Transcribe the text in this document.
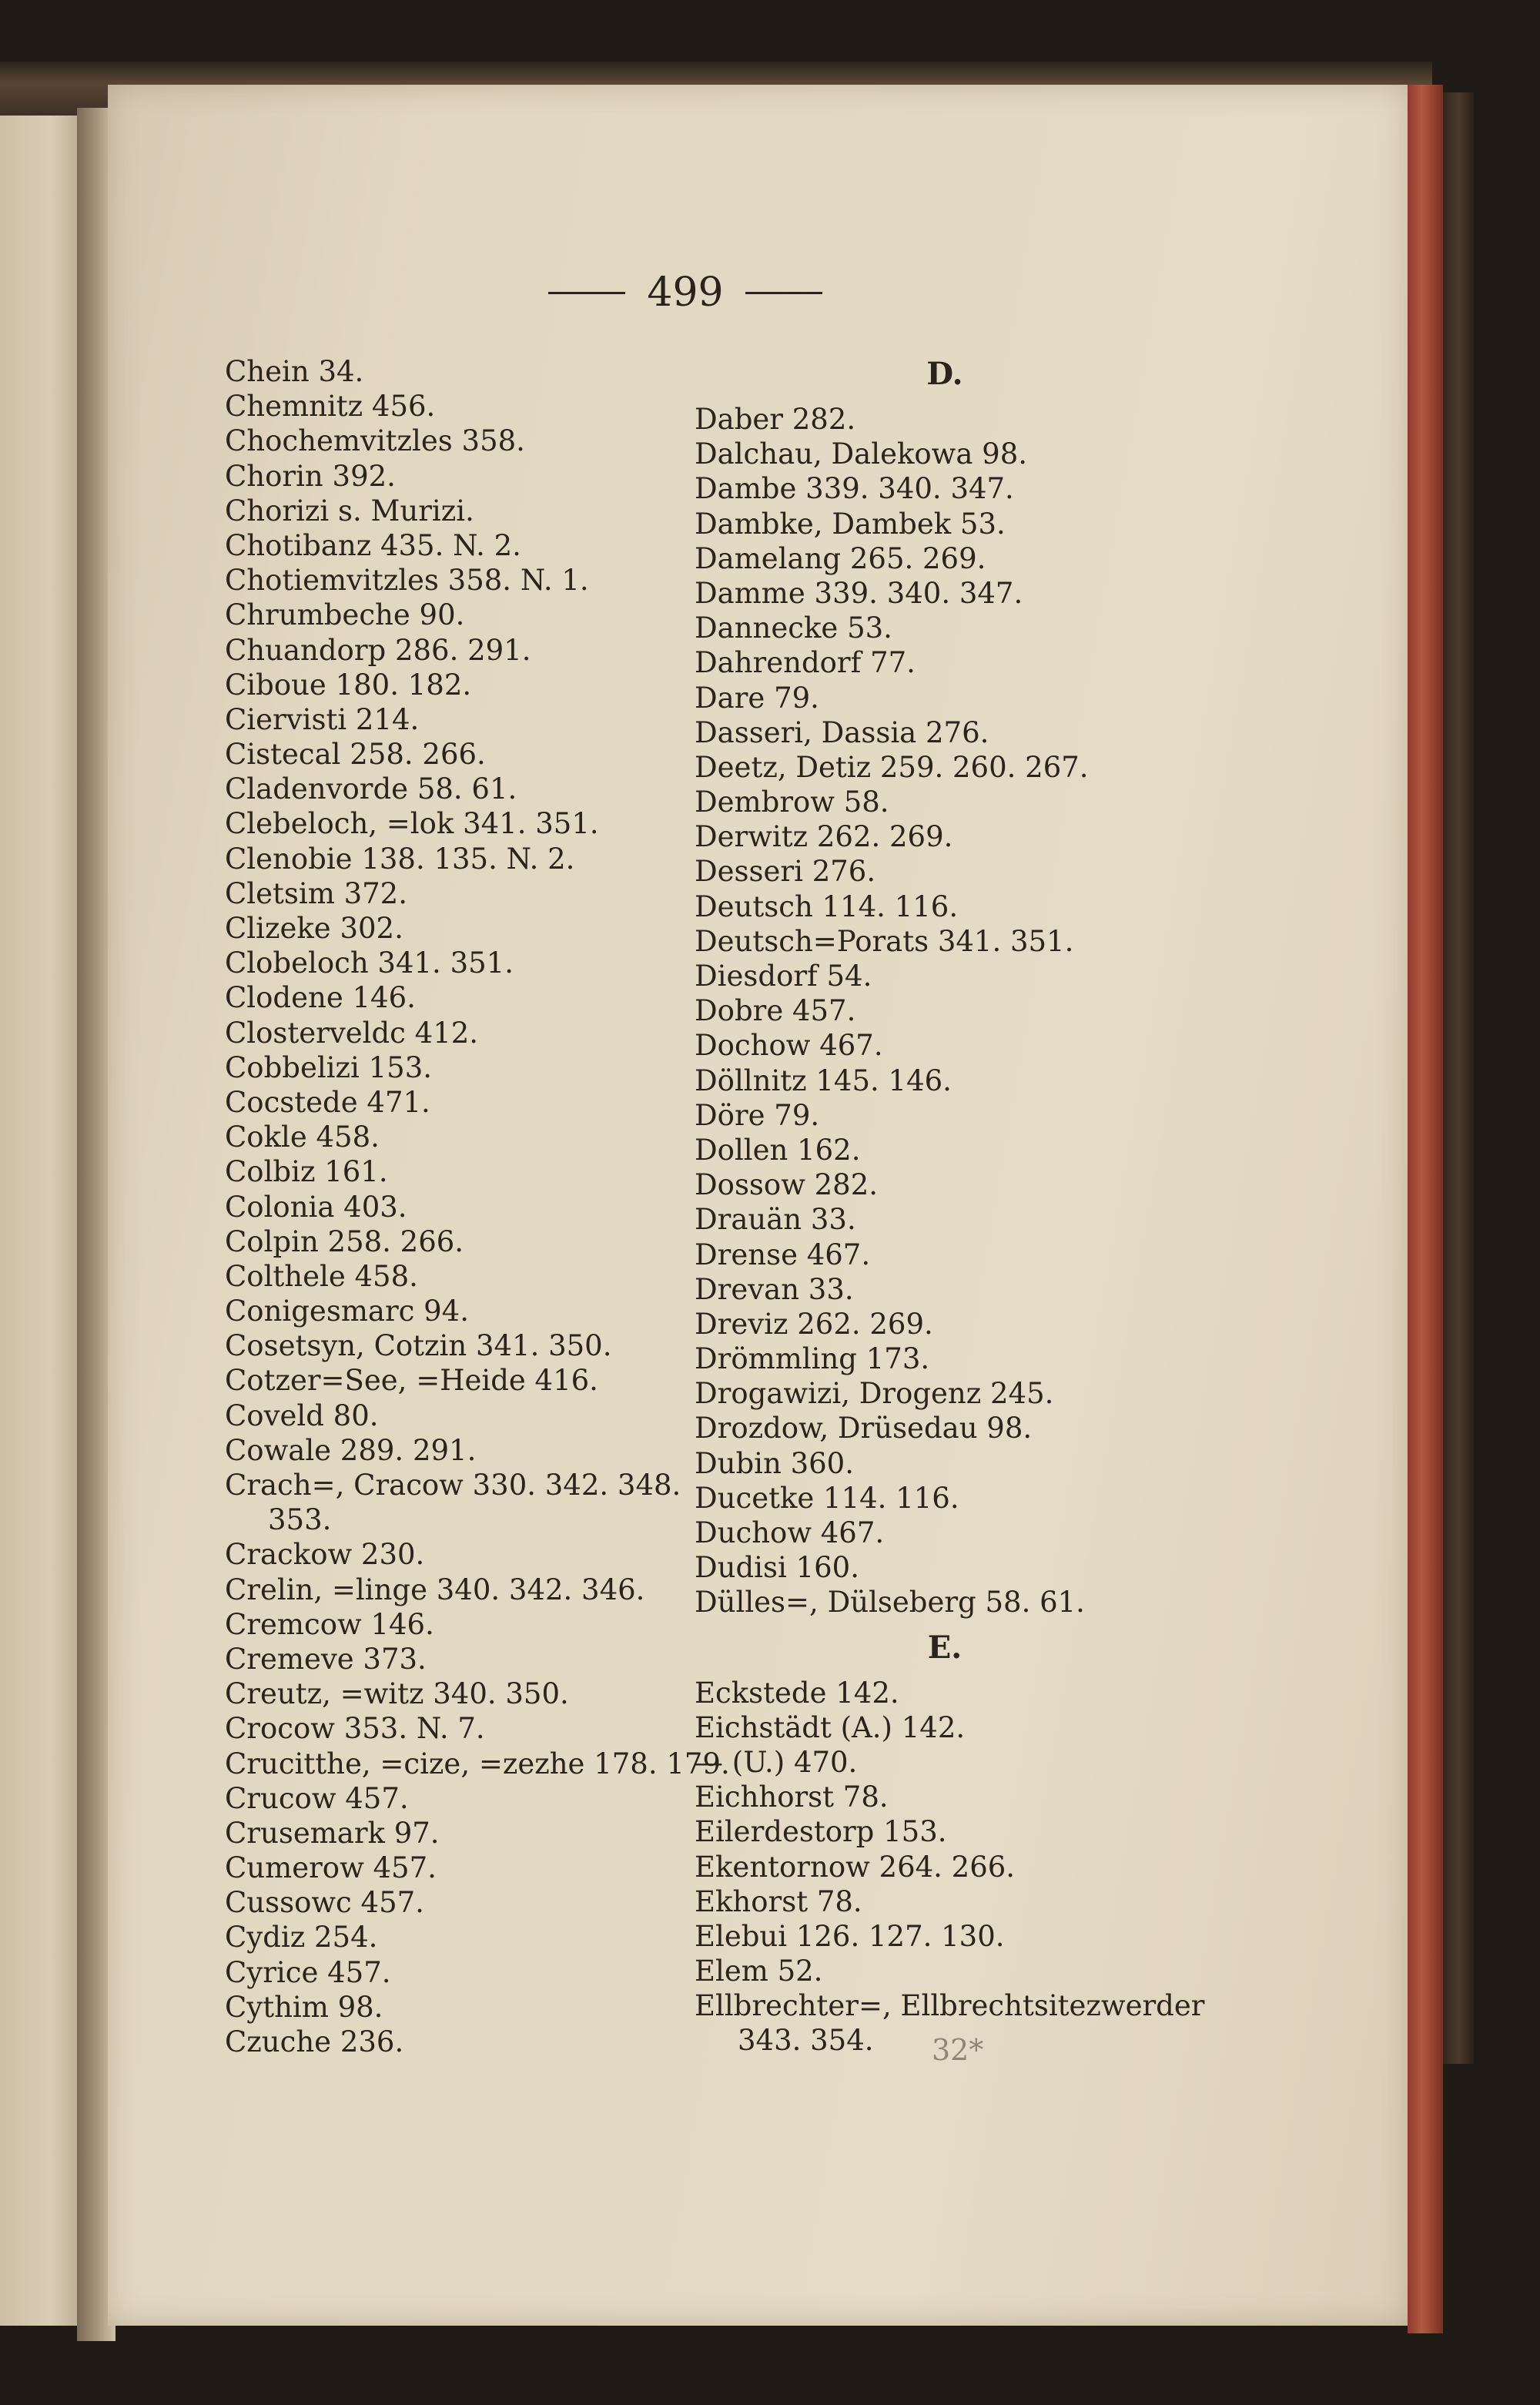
499
Chein 34.
Chemnitz 456.
Chochemvitzles 358.
Chorin 392.
Chorizi s. Murizi.
Chotibanz 435. N. 2.
Chotiemvitzles 358. N. 1.
Chrumbeche 90.
Chuandorp 286. 291.
Ciboue 180. 182.
Ciervisti 214.
Cistecal 258. 266.
Cladenvorde 58. 61.
Clebeloch, =lok 341. 351.
Clenobie 138. 135. N. 2.
Cletsim 372.
Clizeke 302.
Clobeloch 341. 351.
Clodene 146.
Closterveldc 412.
Cobbelizi 153.
Cocstede 471.
Cokle 458.
Colbiz 161.
Colonia 403.
Colpin 258. 266.
Colthele 458.
Conigesmarc 94.
Cosetsyn, Cotzin 341. 350.
Cotzer=See, =Heide 416.
Coveld 80.
Cowale 289. 291.
Crach=, Cracow 330. 342. 348.
353.
Crackow 230.
Crelin, =linge 340. 342. 346.
Cremcow 146.
Cremeve 373.
Creutz, =witz 340. 350.
Crocow 353. N. 7.
Crucitthe, =cize, =zezhe 178. 179.
Crucow 457.
Crusemark 97.
Cumerow 457.
Cussowc 457.
Cydiz 254.
Cyrice 457.
Cythim 98.
Czuche 236.
D.
Daber 282.
Dalchau, Dalekowa 98.
Dambe 339. 340. 347.
Dambke, Dambek 53.
Damelang 265. 269.
Damme 339. 340. 347.
Dannecke 53.
Dahrendorf 77.
Dare 79.
Dasseri, Dassia 276.
Deetz, Detiz 259. 260. 267.
Dembrow 58.
Derwitz 262. 269.
Desseri 276.
Deutsch 114. 116.
Deutsch=Porats 341. 351.
Diesdorf 54.
Dobre 457.
Dochow 467.
Döllnitz 145. 146.
Döre 79.
Dollen 162.
Dossow 282.
Drauän 33.
Drense 467.
Drevan 33.
Dreviz 262. 269.
Drömmling 173.
Drogawizi, Drogenz 245.
Drozdow, Drüsedau 98.
Dubin 360.
Ducetke 114. 116.
Duchow 467.
Dudisi 160.
Dülles=, Dülseberg 58. 61.
E.
Eckstede 142.
Eichstädt (A.) 142.
— (U.) 470.
Eichhorst 78.
Eilerdestorp 153.
Ekentornow 264. 266.
Ekhorst 78.
Elebui 126. 127. 130.
Elem 52.
Ellbrechter=, Ellbrechtsitezwerder
343. 354.	32*
